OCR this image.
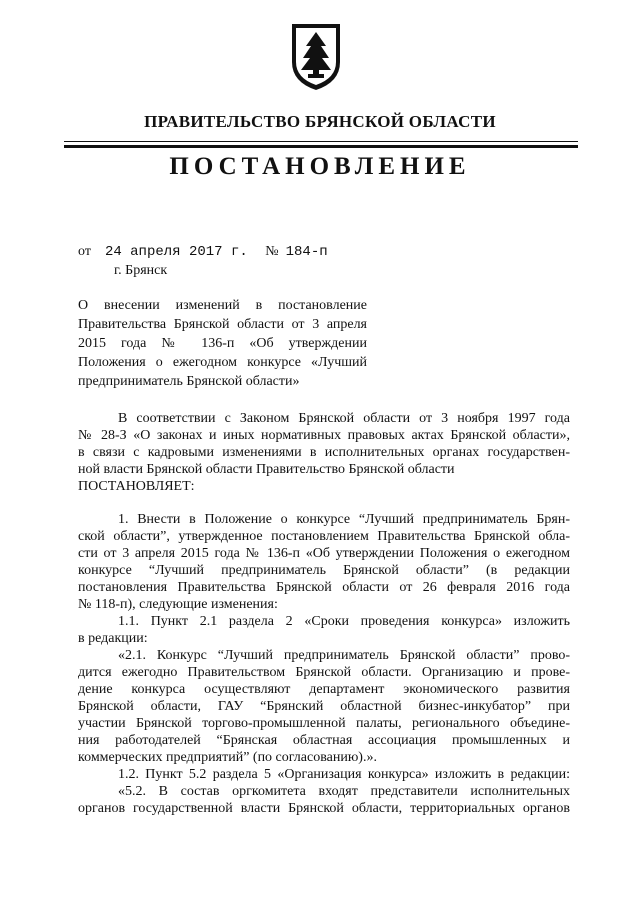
ПРАВИТЕЛЬСТВО БРЯНСКОЙ ОБЛАСТИ
ПОСТАНОВЛЕНИЕ
от 24 апреля 2017 г. № 184-п
г. Брянск
О внесении изменений в постановление
Правительства Брянской области от 3 апреля
2015 года № 136-п «Об утверждении
Положения о ежегодном конкурсе «Лучший
предприниматель Брянской области»
В соответствии с Законом Брянской области от 3 ноября 1997 года
№ 28-З «О законах и иных нормативных правовых актах Брянской области»,
в связи с кадровыми изменениями в исполнительных органах государствен-
ной власти Брянской области Правительство Брянской области
ПОСТАНОВЛЯЕТ:
1. Внести в Положение о конкурсе “Лучший предприниматель Брян-
ской области”, утвержденное постановлением Правительства Брянской обла-
сти от 3 апреля 2015 года № 136-п «Об утверждении Положения о ежегодном
конкурсе “Лучший предприниматель Брянской области” (в редакции
постановления Правительства Брянской области от 26 февраля 2016 года
№ 118-п), следующие изменения:
1.1. Пункт 2.1 раздела 2 «Сроки проведения конкурса» изложить
в редакции:
«2.1. Конкурс “Лучший предприниматель Брянской области” прово-
дится ежегодно Правительством Брянской области. Организацию и прове-
дение конкурса осуществляют департамент экономического развития
Брянской области, ГАУ “Брянский областной бизнес-инкубатор” при
участии Брянской торгово-промышленной палаты, регионального объедине-
ния работодателей “Брянская областная ассоциация промышленных и
коммерческих предприятий” (по согласованию).».
1.2. Пункт 5.2 раздела 5 «Организация конкурса» изложить в редакции:
«5.2. В состав оргкомитета входят представители исполнительных
органов государственной власти Брянской области, территориальных органов
